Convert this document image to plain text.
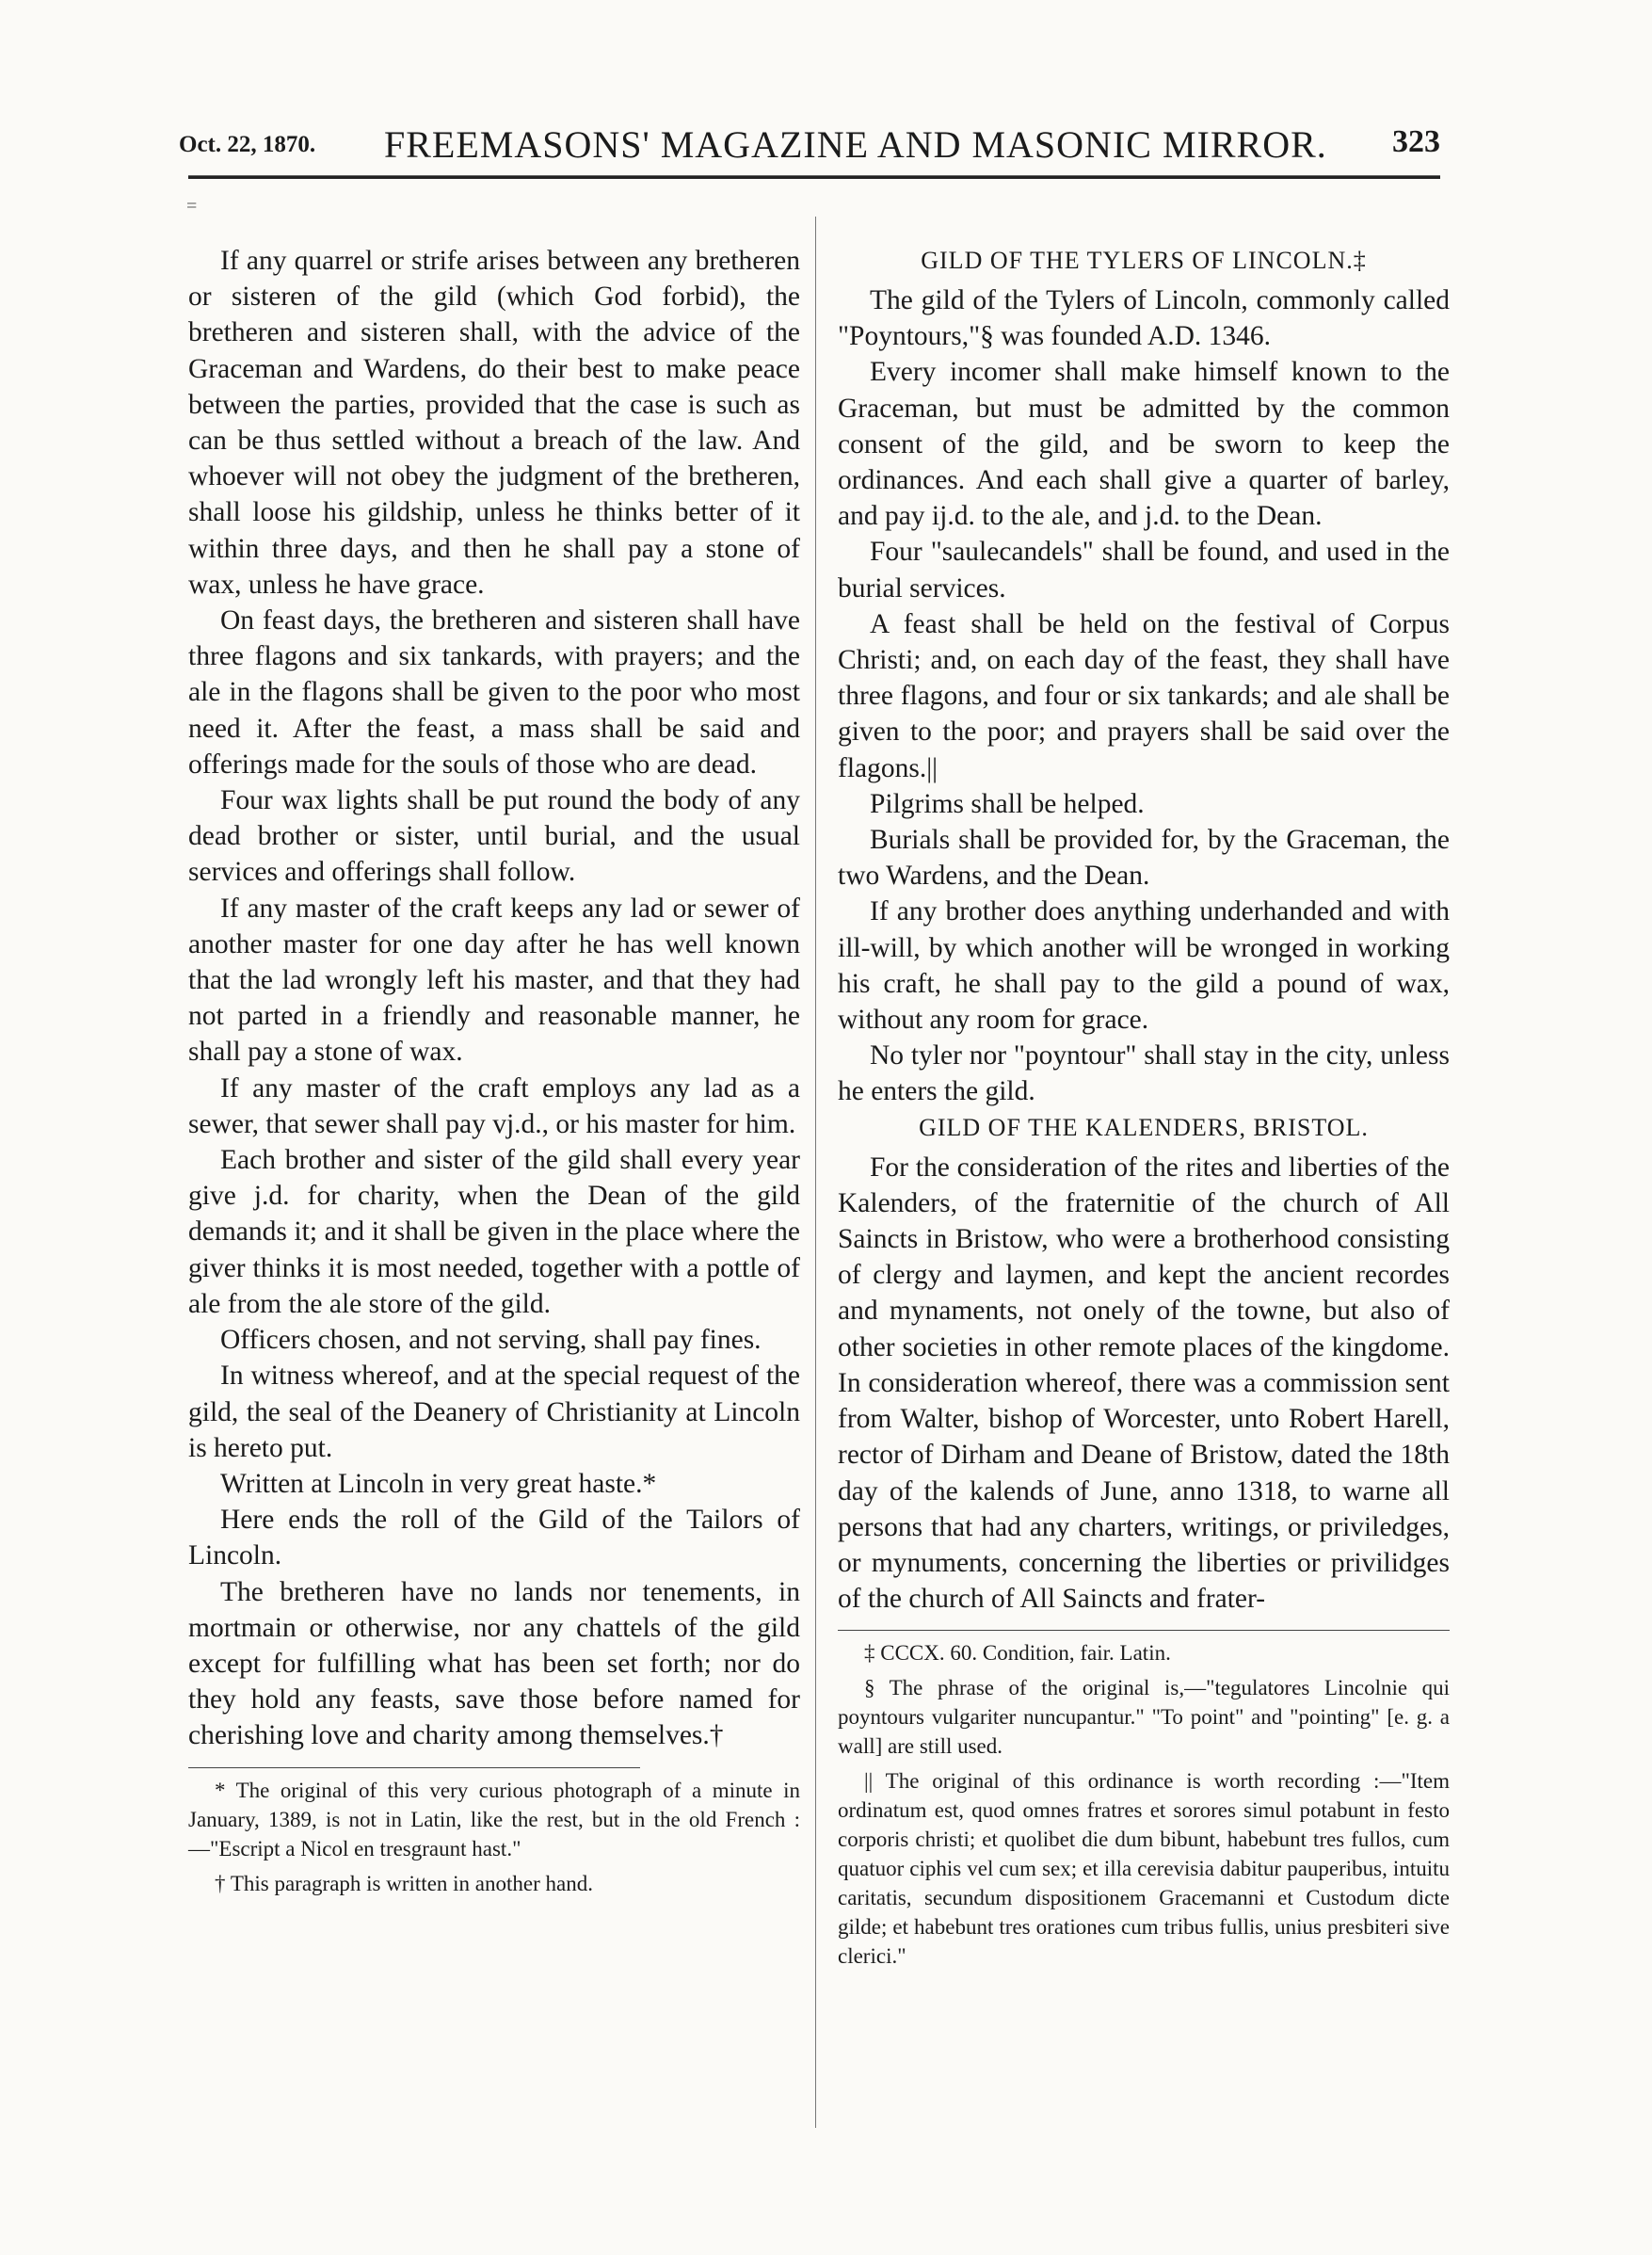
Oct. 22, 1870. FREEMASONS' MAGAZINE AND MASONIC MIRROR. 323
=

If any quarrel or strife arises between any bretheren or sisteren of the gild (which God forbid), the bretheren and sisteren shall, with the advice of the Graceman and Wardens, do their best to make peace between the parties, provided that the case is such as can be thus settled without a breach of the law. And whoever will not obey the judgment of the bretheren, shall loose his gildship, unless he thinks better of it within three days, and then he shall pay a stone of wax, unless he have grace.

On feast days, the bretheren and sisteren shall have three flagons and six tankards, with prayers; and the ale in the flagons shall be given to the poor who most need it. After the feast, a mass shall be said and offerings made for the souls of those who are dead.

Four wax lights shall be put round the body of any dead brother or sister, until burial, and the usual services and offerings shall follow.

If any master of the craft keeps any lad or sewer of another master for one day after he has well known that the lad wrongly left his master, and that they had not parted in a friendly and reasonable manner, he shall pay a stone of wax.

If any master of the craft employs any lad as a sewer, that sewer shall pay vj.d., or his master for him.

Each brother and sister of the gild shall every year give j.d. for charity, when the Dean of the gild demands it; and it shall be given in the place where the giver thinks it is most needed, together with a pottle of ale from the ale store of the gild.

Officers chosen, and not serving, shall pay fines.

In witness whereof, and at the special request of the gild, the seal of the Deanery of Christianity at Lincoln is hereto put.

Written at Lincoln in very great haste.*

Here ends the roll of the Gild of the Tailors of Lincoln.

The bretheren have no lands nor tenements, in mortmain or otherwise, nor any chattels of the gild except for fulfilling what has been set forth; nor do they hold any feasts, save those before named for cherishing love and charity among themselves.†

* The original of this very curious photograph of a minute in January, 1389, is not in Latin, like the rest, but in the old French :—"Escript a Nicol en tresgraunt hast."

† This paragraph is written in another hand.

GILD OF THE TYLERS OF LINCOLN.‡

The gild of the Tylers of Lincoln, commonly called "Poyntours,"§ was founded A.D. 1346.

Every incomer shall make himself known to the Graceman, but must be admitted by the common consent of the gild, and be sworn to keep the ordinances. And each shall give a quarter of barley, and pay ij.d. to the ale, and j.d. to the Dean.

Four "saulecandels" shall be found, and used in the burial services.

A feast shall be held on the festival of Corpus Christi; and, on each day of the feast, they shall have three flagons, and four or six tankards; and ale shall be given to the poor; and prayers shall be said over the flagons.||

Pilgrims shall be helped.

Burials shall be provided for, by the Graceman, the two Wardens, and the Dean.

If any brother does anything underhanded and with ill-will, by which another will be wronged in working his craft, he shall pay to the gild a pound of wax, without any room for grace.

No tyler nor "poyntour" shall stay in the city, unless he enters the gild.

GILD OF THE KALENDERS, BRISTOL.

For the consideration of the rites and liberties of the Kalenders, of the fraternitie of the church of All Saincts in Bristow, who were a brotherhood consisting of clergy and laymen, and kept the ancient recordes and mynaments, not onely of the towne, but also of other societies in other remote places of the kingdome. In consideration whereof, there was a commission sent from Walter, bishop of Worcester, unto Robert Harell, rector of Dirham and Deane of Bristow, dated the 18th day of the kalends of June, anno 1318, to warne all persons that had any charters, writings, or priviledges, or mynuments, concerning the liberties or privilidges of the church of All Saincts and frater-

‡ CCCX. 60. Condition, fair. Latin.

§ The phrase of the original is,—"tegulatores Lincolnie qui poyntours vulgariter nuncupantur." "To point" and "pointing" [e. g. a wall] are still used.

|| The original of this ordinance is worth recording :—"Item ordinatum est, quod omnes fratres et sorores simul potabunt in festo corporis christi; et quolibet die dum bibunt, habebunt tres fullos, cum quatuor ciphis vel cum sex; et illa cerevisia dabitur pauperibus, intuitu caritatis, secundum dispositionem Gracemanni et Custodum dicte gilde; et habebunt tres orationes cum tribus fullis, unius presbiteri sive clerici."
